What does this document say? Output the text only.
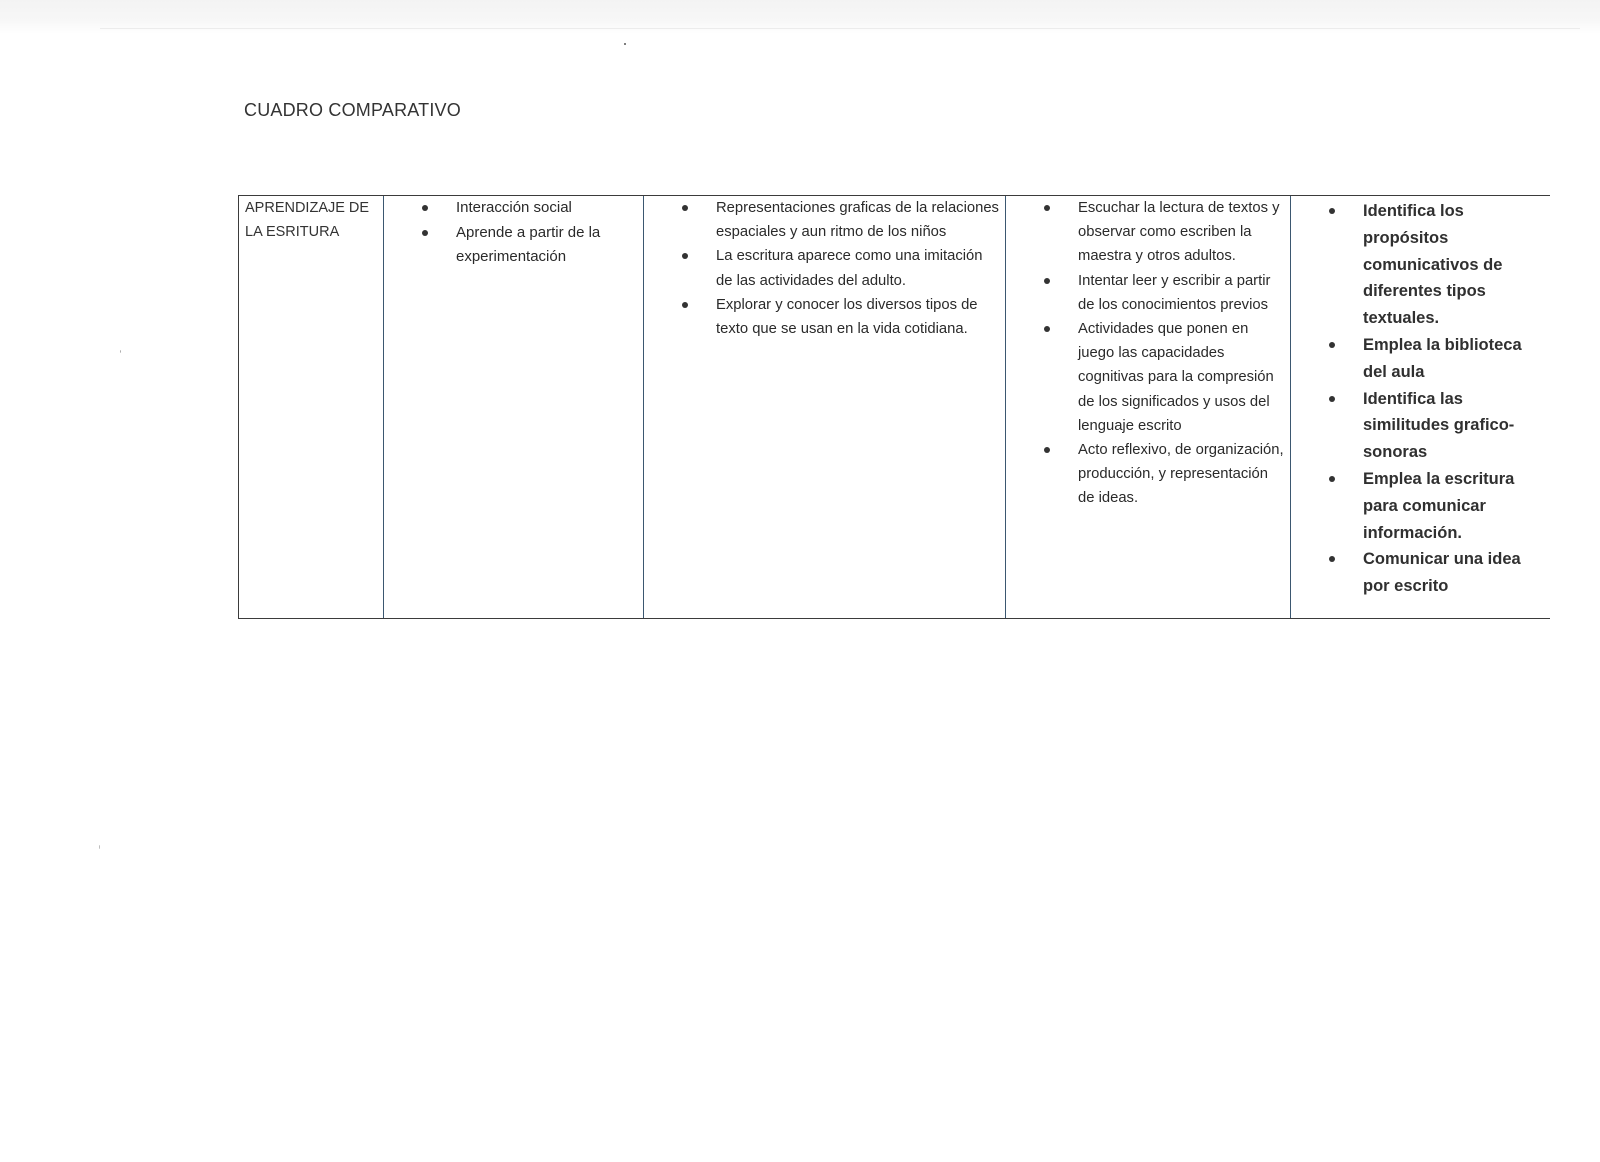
CUADRO COMPARATIVO
APRENDIZAJE DE LA ESRITURA
Interacción social
Aprende a partir de la experimentación
Representaciones graficas de la relaciones espaciales y aun ritmo de los niños
La escritura aparece como una imitación de las actividades del adulto.
Explorar y conocer los diversos tipos de texto que se usan en la vida cotidiana.
Escuchar la lectura de textos y observar como escriben la maestra y otros adultos.
Intentar leer y escribir a partir de los conocimientos previos
Actividades que ponen en juego las capacidades cognitivas para la compresión de los significados y usos del lenguaje escrito
Acto reflexivo, de organización, producción, y representación de ideas.
Identifica los propósitos comunicativos de diferentes tipos textuales.
Emplea la biblioteca del aula
Identifica las similitudes grafico-sonoras
Emplea la escritura para comunicar información.
Comunicar una idea por escrito
